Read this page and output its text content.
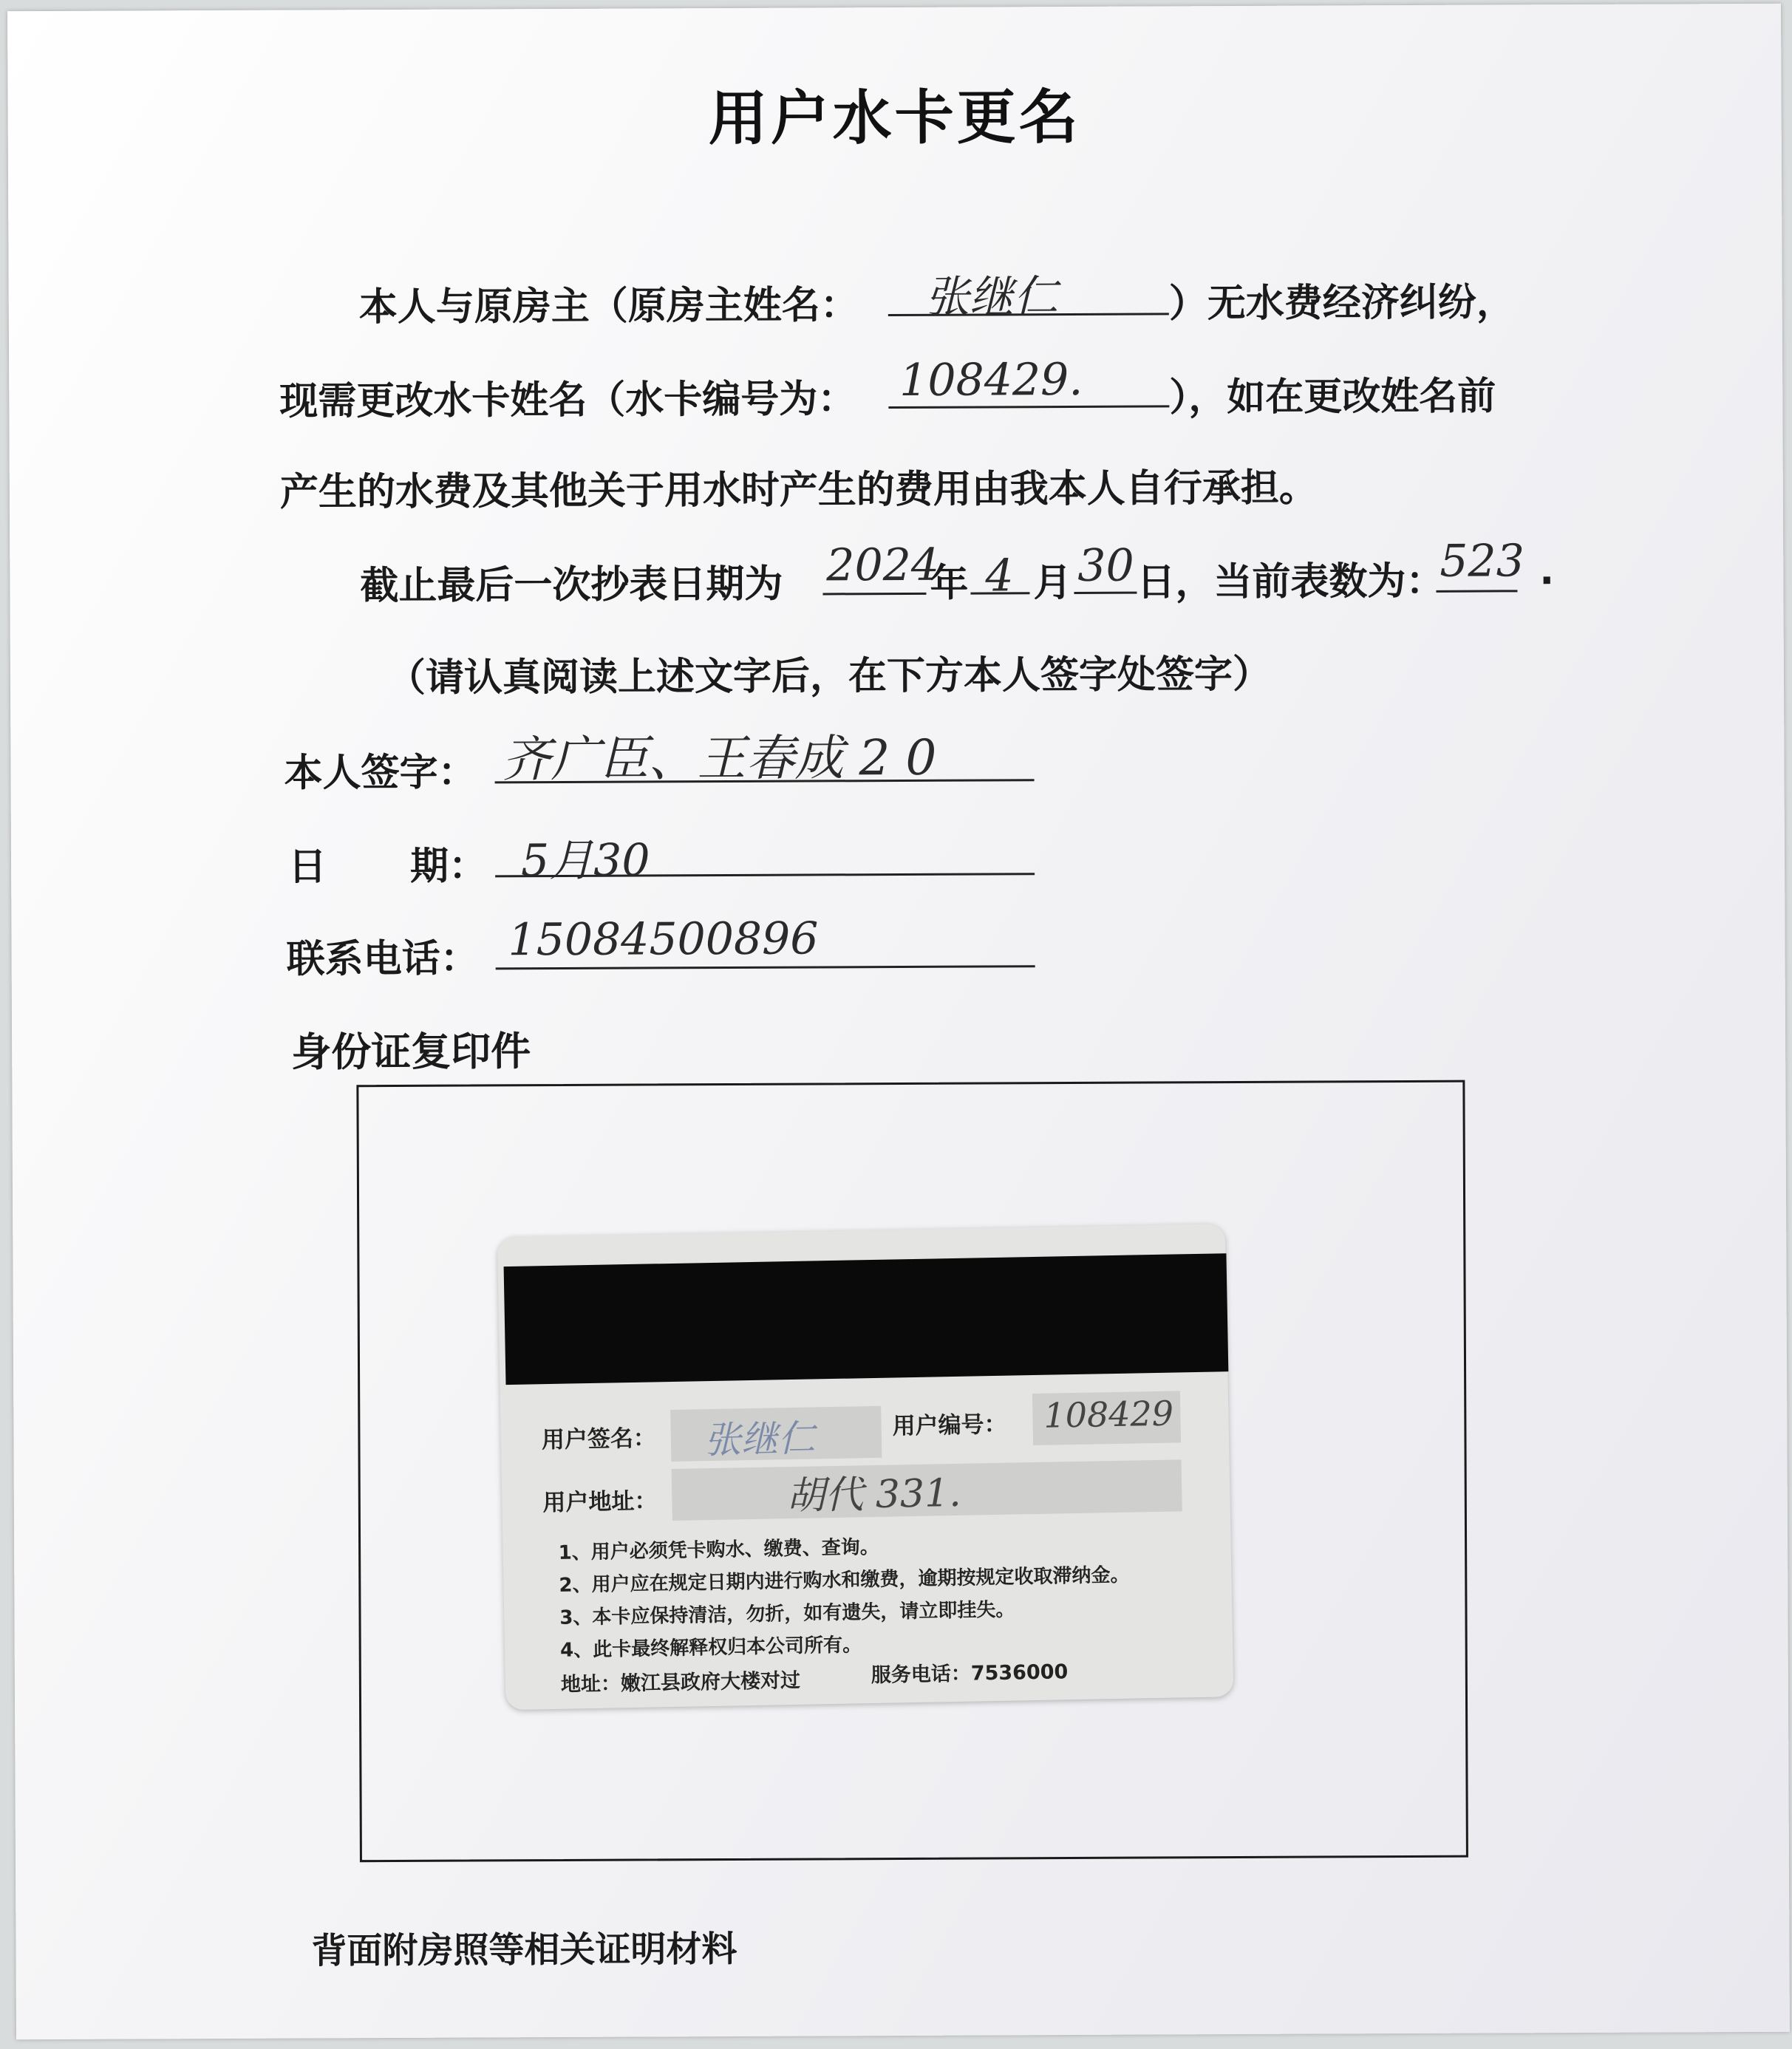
用户水卡更名
本人与原房主（原房主姓名： 张继仁	）无水费经济纠纷，
现需更改水卡姓名（水卡编号为： 108429. ），如在更改姓名前
产生的水费及其他关于用水时产生的费用由我本人自行承担。
截止最后一次抄表日期为 2024
年 4 月 30 日，当前表数为：
523 .
（请认真阅读上述文字后，在下方本人签字处签字）
本人签字： 齐广臣、王春成 2 0
日 期： 5月30
联系电话： 15084500896
身份证复印件
用户签名： 张继仁	用户编号： 108429
用户地址：	胡代 331.
1、用户必须凭卡购水、缴费、查询。
2、用户应在规定日期内进行购水和缴费，逾期按规定收取滞纳金。
3、本卡应保持清洁，勿折，如有遗失，请立即挂失。
4、此卡最终解释权归本公司所有。
地址：嫩江县政府大楼对过	服务电话：7536000
背面附房照等相关证明材料
